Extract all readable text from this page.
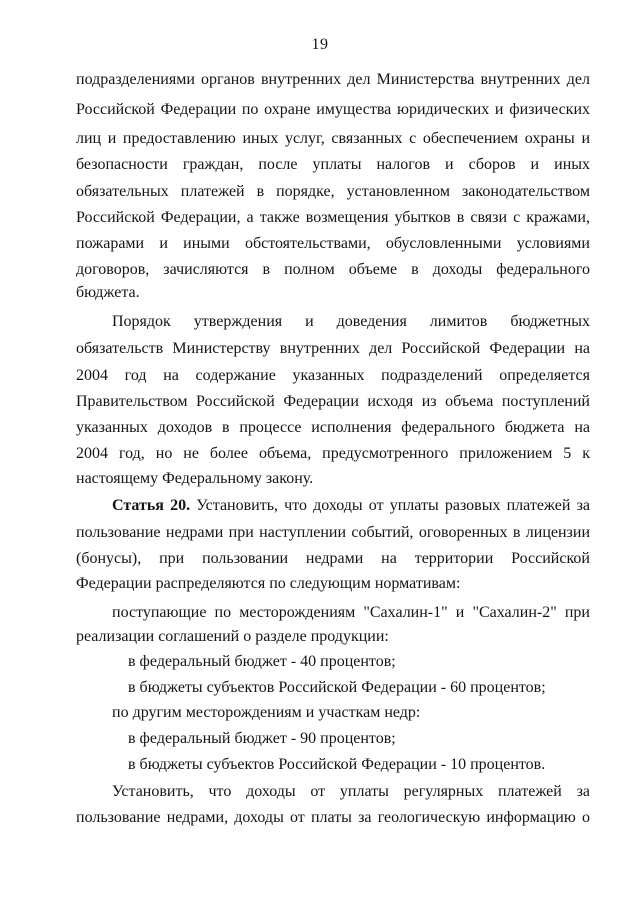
19
подразделениями органов внутренних дел Министерства внутренних дел
Российской Федерации по охране имущества юридических и физических
лиц и предоставлению иных услуг, связанных с обеспечением охраны и
безопасности граждан, после уплаты налогов и сборов и иных
обязательных платежей в порядке, установленном законодательством
Российской Федерации, а также возмещения убытков в связи с кражами,
пожарами и иными обстоятельствами, обусловленными условиями
договоров, зачисляются в полном объеме в доходы федерального
бюджета.
Порядок утверждения и доведения лимитов бюджетных
обязательств Министерству внутренних дел Российской Федерации на
2004 год на содержание указанных подразделений определяется
Правительством Российской Федерации исходя из объема поступлений
указанных доходов в процессе исполнения федерального бюджета на
2004 год, но не более объема, предусмотренного приложением 5 к
настоящему Федеральному закону.
Статья 20. Установить, что доходы от уплаты разовых платежей за
пользование недрами при наступлении событий, оговоренных в лицензии
(бонусы), при пользовании недрами на территории Российской
Федерации распределяются по следующим нормативам:
поступающие по месторождениям "Сахалин-1" и "Сахалин-2" при
реализации соглашений о разделе продукции:
в федеральный бюджет - 40 процентов;
в бюджеты субъектов Российской Федерации - 60 процентов;
по другим месторождениям и участкам недр:
в федеральный бюджет - 90 процентов;
в бюджеты субъектов Российской Федерации - 10 процентов.
Установить, что доходы от уплаты регулярных платежей за
пользование недрами, доходы от платы за геологическую информацию о
